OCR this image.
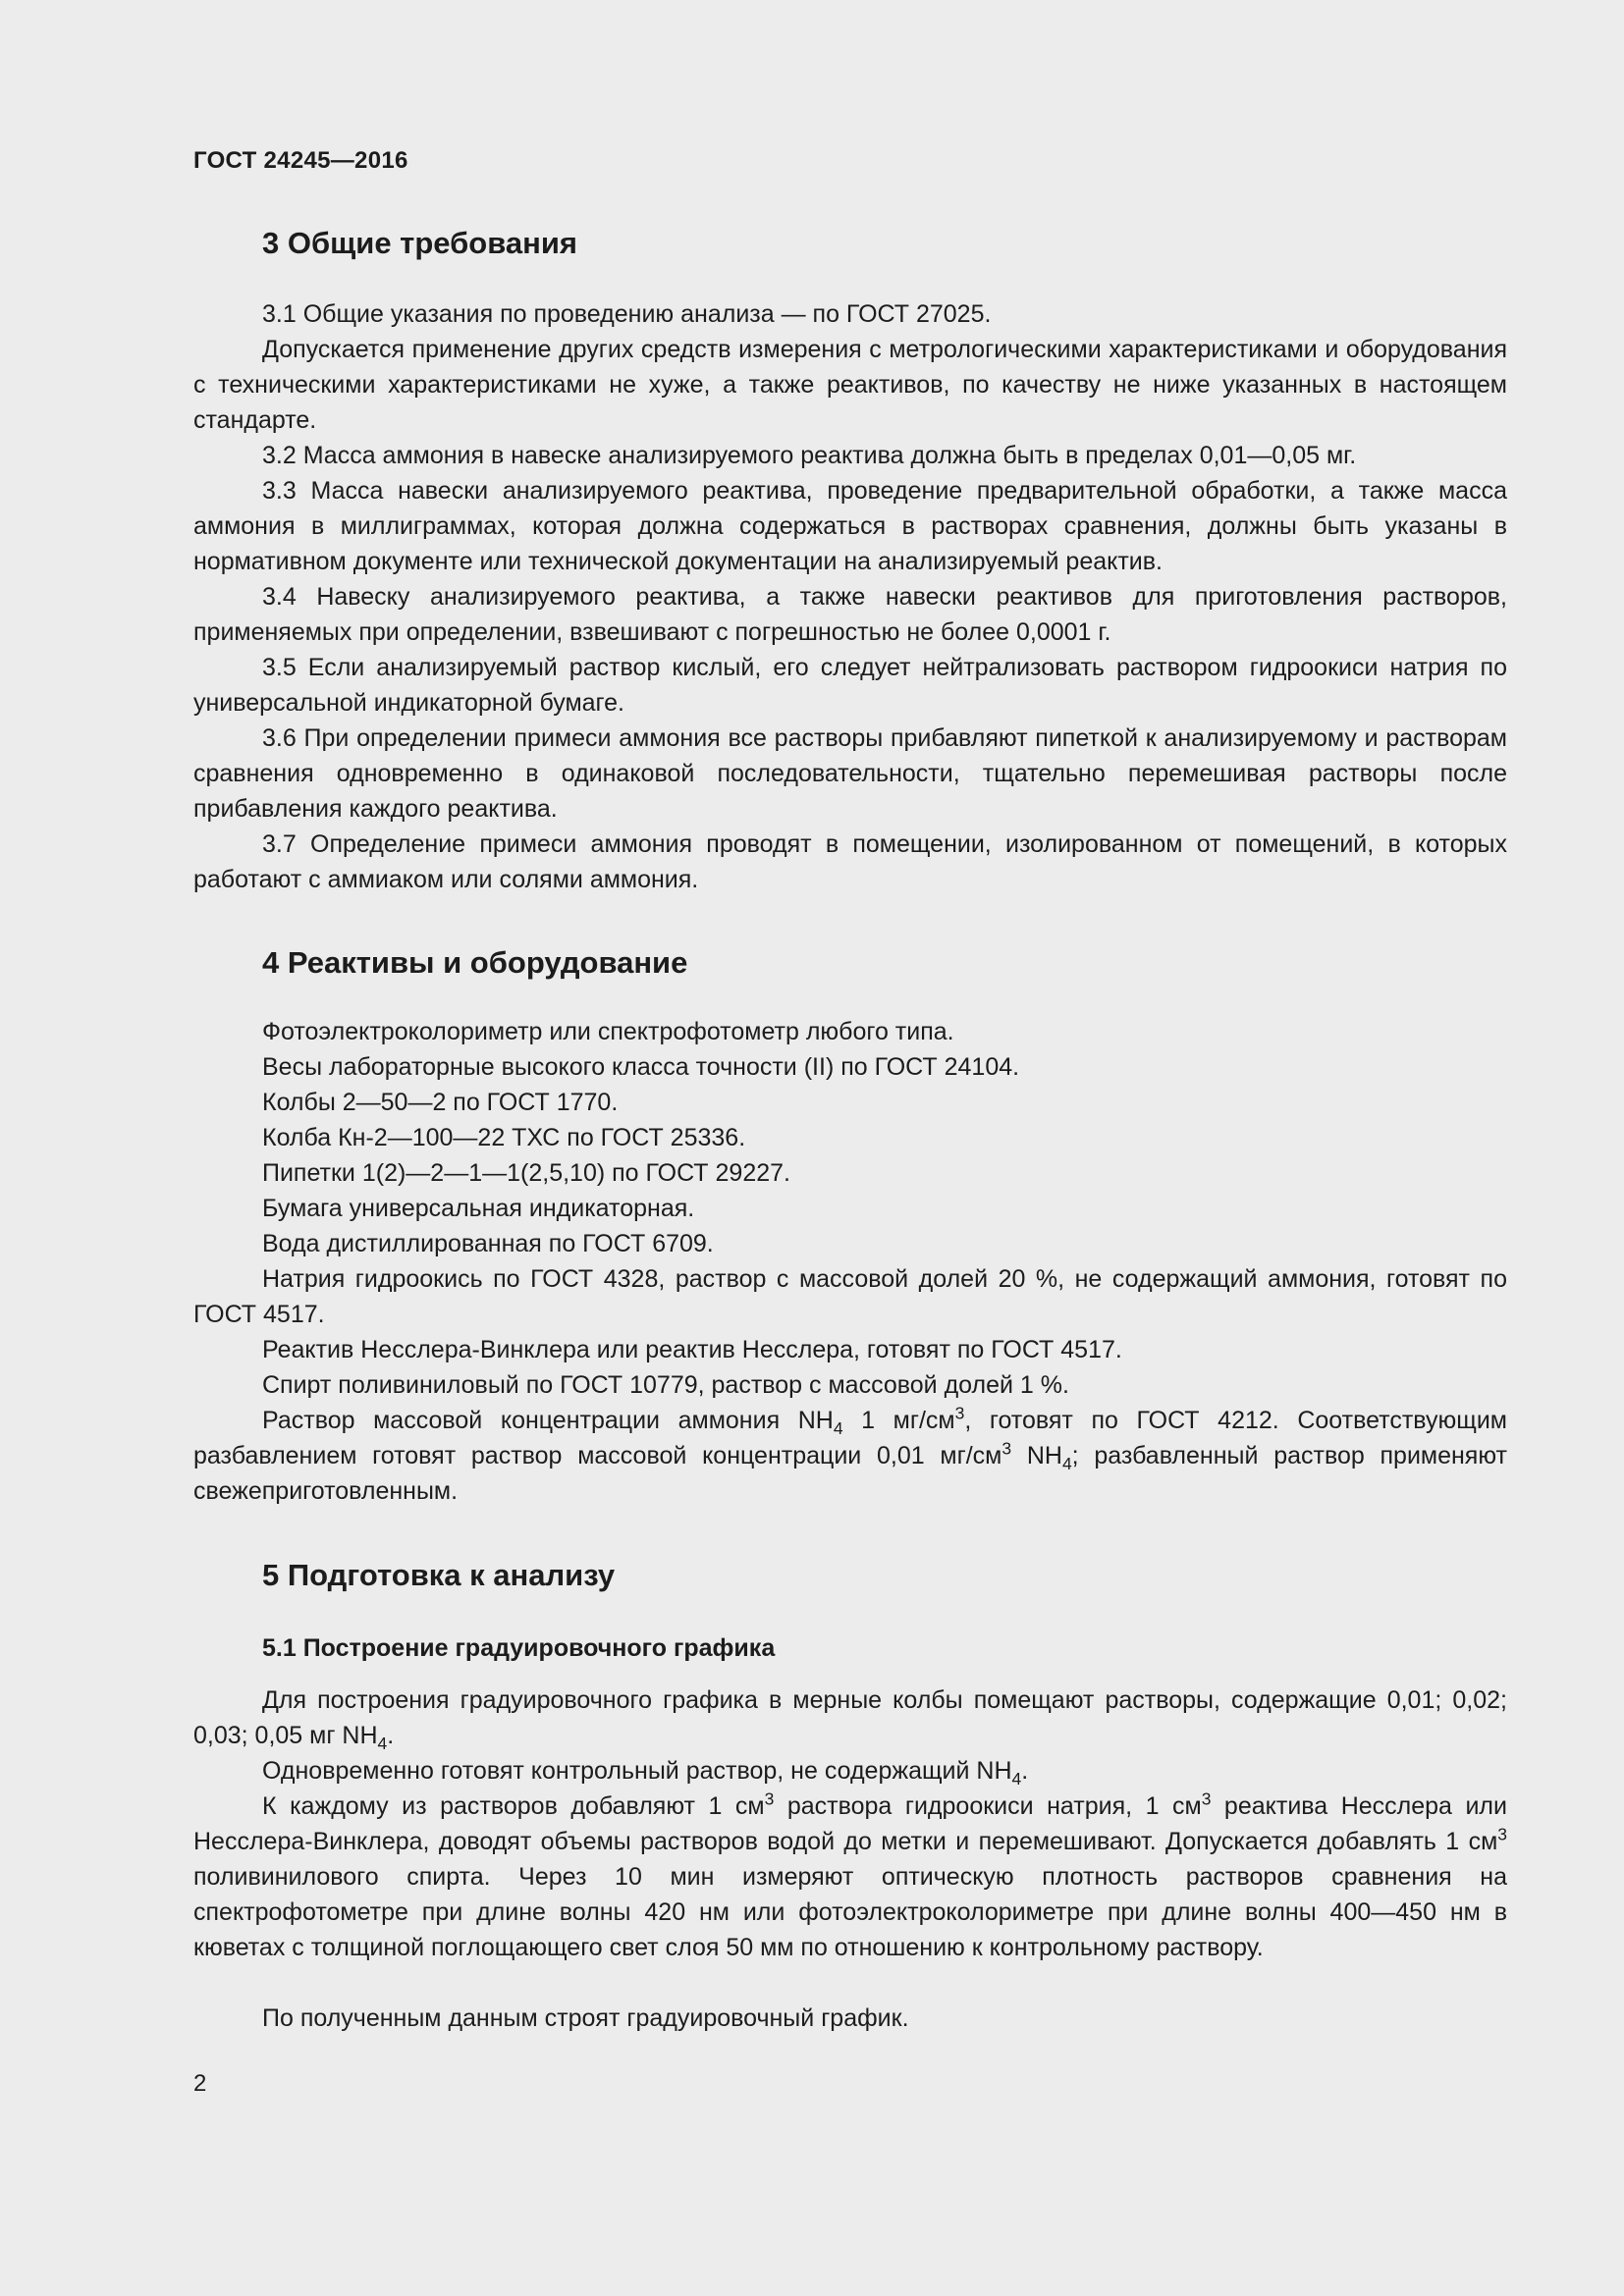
ГОСТ 24245—2016
3 Общие требования
3.1 Общие указания по проведению анализа — по ГОСТ 27025.
Допускается применение других средств измерения с метрологическими характеристиками и оборудования с техническими характеристиками не хуже, а также реактивов, по качеству не ниже указанных в настоящем стандарте.
3.2 Масса аммония в навеске анализируемого реактива должна быть в пределах 0,01—0,05 мг.
3.3 Масса навески анализируемого реактива, проведение предварительной обработки, а также масса аммония в миллиграммах, которая должна содержаться в растворах сравнения, должны быть указаны в нормативном документе или технической документации на анализируемый реактив.
3.4 Навеску анализируемого реактива, а также навески реактивов для приготовления растворов, применяемых при определении, взвешивают с погрешностью не более 0,0001 г.
3.5 Если анализируемый раствор кислый, его следует нейтрализовать раствором гидроокиси натрия по универсальной индикаторной бумаге.
3.6 При определении примеси аммония все растворы прибавляют пипеткой к анализируемому и растворам сравнения одновременно в одинаковой последовательности, тщательно перемешивая растворы после прибавления каждого реактива.
3.7 Определение примеси аммония проводят в помещении, изолированном от помещений, в которых работают с аммиаком или солями аммония.
4 Реактивы и оборудование
Фотоэлектроколориметр или спектрофотометр любого типа.
Весы лабораторные высокого класса точности (II) по ГОСТ 24104.
Колбы 2—50—2 по ГОСТ 1770.
Колба Кн-2—100—22 ТХС по ГОСТ 25336.
Пипетки 1(2)—2—1—1(2,5,10) по ГОСТ 29227.
Бумага универсальная индикаторная.
Вода дистиллированная по ГОСТ 6709.
Натрия гидроокись по ГОСТ 4328, раствор с массовой долей 20 %, не содержащий аммония, готовят по ГОСТ 4517.
Реактив Несслера-Винклера или реактив Несслера, готовят по ГОСТ 4517.
Спирт поливиниловый по ГОСТ 10779, раствор с массовой долей 1 %.
Раствор массовой концентрации аммония $NH_4$ 1 $мг/см^3$, готовят по ГОСТ 4212. Соответствующим разбавлением готовят раствор массовой концентрации 0,01 $мг/см^3$ $NH_4$; разбавленный раствор применяют свежеприготовленным.
5 Подготовка к анализу
5.1 Построение градуировочного графика
Для построения градуировочного графика в мерные колбы помещают растворы, содержащие 0,01; 0,02; 0,03; 0,05 мг $NH_4$.
Одновременно готовят контрольный раствор, не содержащий $NH_4$.
К каждому из растворов добавляют 1 $см^3$ раствора гидроокиси натрия, 1 $см^3$ реактива Несслера или Несслера-Винклера, доводят объемы растворов водой до метки и перемешивают. Допускается добавлять 1 $см^3$ поливинилового спирта. Через 10 мин измеряют оптическую плотность растворов сравнения на спектрофотометре при длине волны 420 нм или фотоэлектроколориметре при длине волны 400—450 нм в кюветах с толщиной поглощающего свет слоя 50 мм по отношению к контрольному раствору.
По полученным данным строят градуировочный график.
2
